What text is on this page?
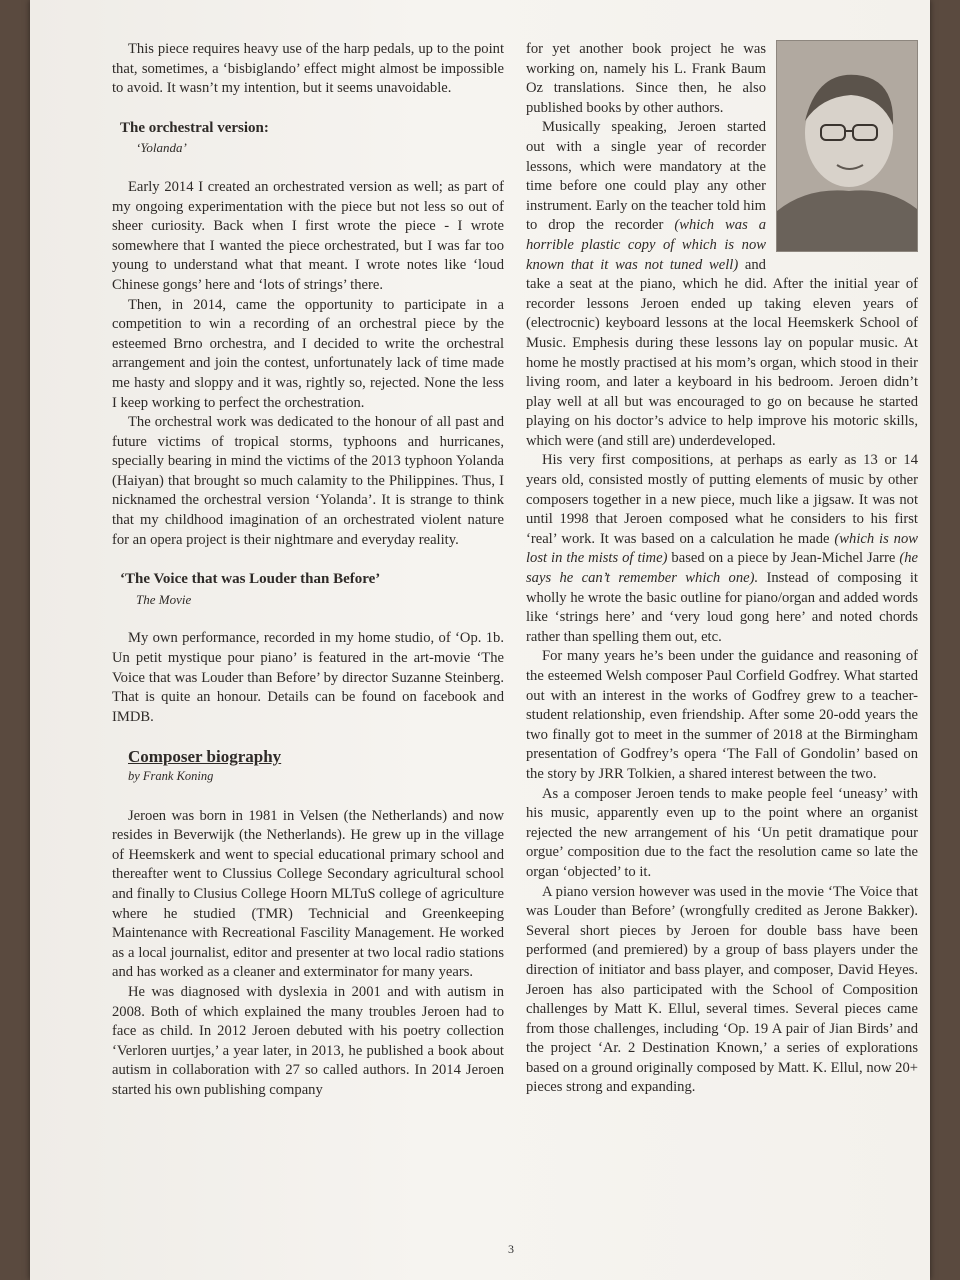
This piece requires heavy use of the harp pedals, up to the point that, sometimes, a ‘bisbiglando’ effect might almost be impossible to avoid. It wasn’t my intention, but it seems unavoidable.

The orchestral version:

‘Yolanda’

Early 2014 I created an orchestrated version as well; as part of my ongoing experimentation with the piece but not less so out of sheer curiosity. Back when I first wrote the piece - I wrote somewhere that I wanted the piece orchestrated, but I was far too young to understand what that meant. I wrote notes like ‘loud Chinese gongs’ here and ‘lots of strings’ there.

Then, in 2014, came the opportunity to participate in a competition to win a recording of an orchestral piece by the esteemed Brno orchestra, and I decided to write the orchestral arrangement and join the contest, unfortunately lack of time made me hasty and sloppy and it was, rightly so, rejected. None the less I keep working to perfect the orchestration.

The orchestral work was dedicated to the honour of all past and future victims of tropical storms, typhoons and hurricanes, specially bearing in mind the victims of the 2013 typhoon Yolanda (Haiyan) that brought so much calamity to the Philippines. Thus, I nicknamed the orchestral version ‘Yolanda’. It is strange to think that my childhood imagination of an orchestrated violent nature for an opera project is their nightmare and everyday reality.

‘The Voice that was Louder than Before’

The Movie

My own performance, recorded in my home studio, of ‘Op. 1b. Un petit mystique pour piano’ is featured in the art-movie ‘The Voice that was Louder than Before’ by director Suzanne Steinberg. That is quite an honour. Details can be found on facebook and IMDB.

Composer biography

by Frank Koning

Jeroen was born in 1981 in Velsen (the Netherlands) and now resides in Beverwijk (the Netherlands). He grew up in the village of Heemskerk and went to special educational primary school and thereafter went to Clussius College Secondary agricultural school and finally to Clusius College Hoorn MLTuS college of agriculture where he studied (TMR) Technicial and Greenkeeping Maintenance with Recreational Fascility Management. He worked as a local journalist, editor and presenter at two local radio stations and has worked as a cleaner and exterminator for many years.

He was diagnosed with dyslexia in 2001 and with autism in 2008. Both of which explained the many troubles Jeroen had to face as child. In 2012 Jeroen debuted with his poetry collection ‘Verloren uurtjes,’ a year later, in 2013, he published a book about autism in collaboration with 27 so called authors. In 2014 Jeroen started his own publishing company

for yet another book project he was working on, namely his L. Frank Baum Oz translations. Since then, he also published books by other authors.

Musically speaking, Jeroen started out with a single year of recorder lessons, which were mandatory at the time before one could play any other instrument. Early on the teacher told him to drop the recorder (which was a horrible plastic copy of which is now known that it was not tuned well) and take a seat at the piano, which he did. After the initial year of recorder lessons Jeroen ended up taking eleven years of (electrocnic) keyboard lessons at the local Heemskerk School of Music. Emphesis during these lessons lay on popular music. At home he mostly practised at his mom’s organ, which stood in their living room, and later a keyboard in his bedroom. Jeroen didn’t play well at all but was encouraged to go on because he started playing on his doctor’s advice to help improve his motoric skills, which were (and still are) underdeveloped.

His very first compositions, at perhaps as early as 13 or 14 years old, consisted mostly of putting elements of music by other composers together in a new piece, much like a jigsaw. It was not until 1998 that Jeroen composed what he considers to his first ‘real’ work. It was based on a calculation he made (which is now lost in the mists of time) based on a piece by Jean-Michel Jarre (he says he can’t remember which one). Instead of composing it wholly he wrote the basic outline for piano/organ and added words like ‘strings here’ and ‘very loud gong here’ and noted chords rather than spelling them out, etc.

For many years he’s been under the guidance and reasoning of the esteemed Welsh composer Paul Corfield Godfrey. What started out with an interest in the works of Godfrey grew to a teacher-student relationship, even friendship. After some 20-odd years the two finally got to meet in the summer of 2018 at the Birmingham presentation of Godfrey’s opera ‘The Fall of Gondolin’ based on the story by JRR Tolkien, a shared interest between the two.

As a composer Jeroen tends to make people feel ‘uneasy’ with his music, apparently even up to the point where an organist rejected the new arrangement of his ‘Un petit dramatique pour orgue’ composition due to the fact the resolution came so late the organ ‘objected’ to it.

A piano version however was used in the movie ‘The Voice that was Louder than Before’ (wrongfully credited as Jerone Bakker). Several short pieces by Jeroen for double bass have been performed (and premiered) by a group of bass players under the direction of initiator and bass player, and composer, David Heyes. Jeroen has also participated with the School of Composition challenges by Matt K. Ellul, several times. Several pieces came from those challenges, including ‘Op. 19 A pair of Jian Birds’ and the project ‘Ar. 2 Destination Known,’ a series of explorations based on a ground originally composed by Matt. K. Ellul, now 20+ pieces strong and expanding.

3
